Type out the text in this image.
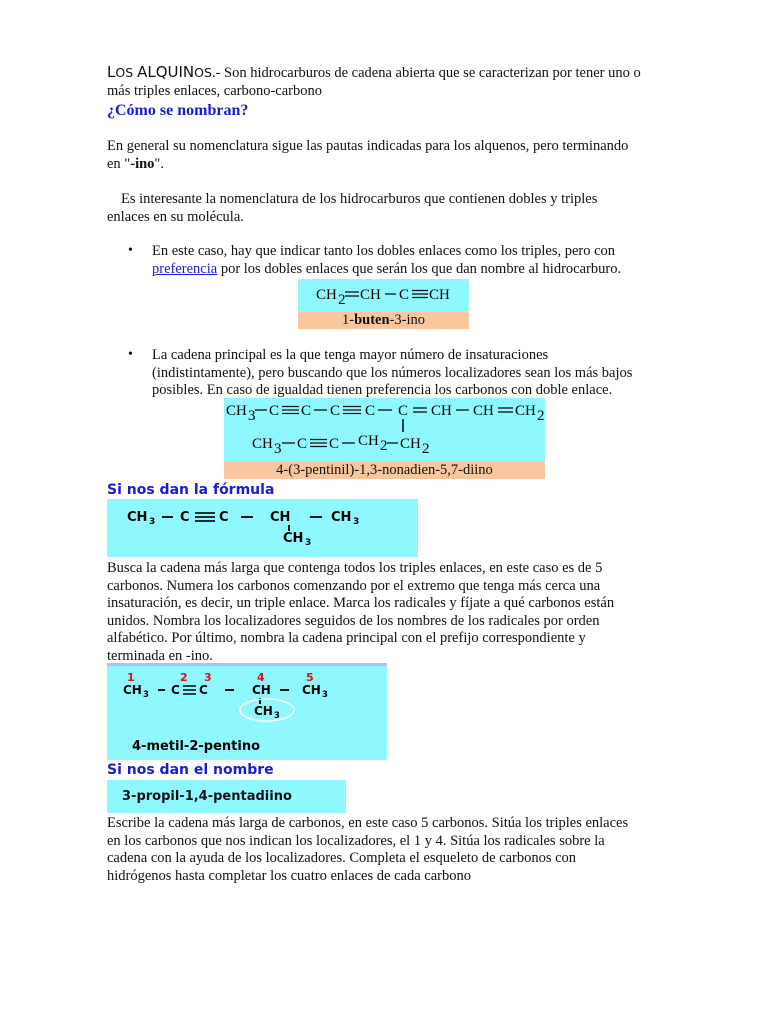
LOS ALQUINOS.- Son hidrocarburos de cadena abierta que se caracterizan por tener uno o
más triples enlaces, carbono-carbono
¿Cómo se nombran?
En general su nomenclatura sigue las pautas indicadas para los alquenos, pero terminando
en "-ino".
Es interesante la nomenclatura de los hidrocarburos que contienen dobles y triples
enlaces en su molécula.
• En este caso, hay que indicar tanto los dobles enlaces como los triples, pero con
preferencia por los dobles enlaces que serán los que dan nombre al hidrocarburo.
CH 2 CH C CH
1-buten-3-ino
• La cadena principal es la que tenga mayor número de insaturaciones
(indistintamente), pero buscando que los números localizadores sean los más bajos
posibles. En caso de igualdad tienen preferencia los carbonos con doble enlace.
CH 3 C C C C C CH CH CH 2
CH 3 C C CH 2 CH 2
4-(3-pentinil)-1,3-nonadien-5,7-diino
Si nos dan la fórmula
CH 3 C C	CH	CH 3
CH 3
Busca la cadena más larga que contenga todos los triples enlaces, en este caso es de 5
carbonos. Numera los carbonos comenzando por el extremo que tenga más cerca una
insaturación, es decir, un triple enlace. Marca los radicales y fíjate a qué carbonos están
unidos. Nombra los localizadores seguidos de los nombres de los radicales por orden
alfabético. Por último, nombra la cadena principal con el prefijo correspondiente y
terminada en -ino.
1	2 3	4	5
CH 3 C C	CH	CH 3
CH 3
4-metil-2-pentino
Si nos dan el nombre
3-propil-1,4-pentadiino
Escribe la cadena más larga de carbonos, en este caso 5 carbonos. Sitúa los triples enlaces
en los carbonos que nos indican los localizadores, el 1 y 4. Sitúa los radicales sobre la
cadena con la ayuda de los localizadores. Completa el esqueleto de carbonos con
hidrógenos hasta completar los cuatro enlaces de cada carbono
